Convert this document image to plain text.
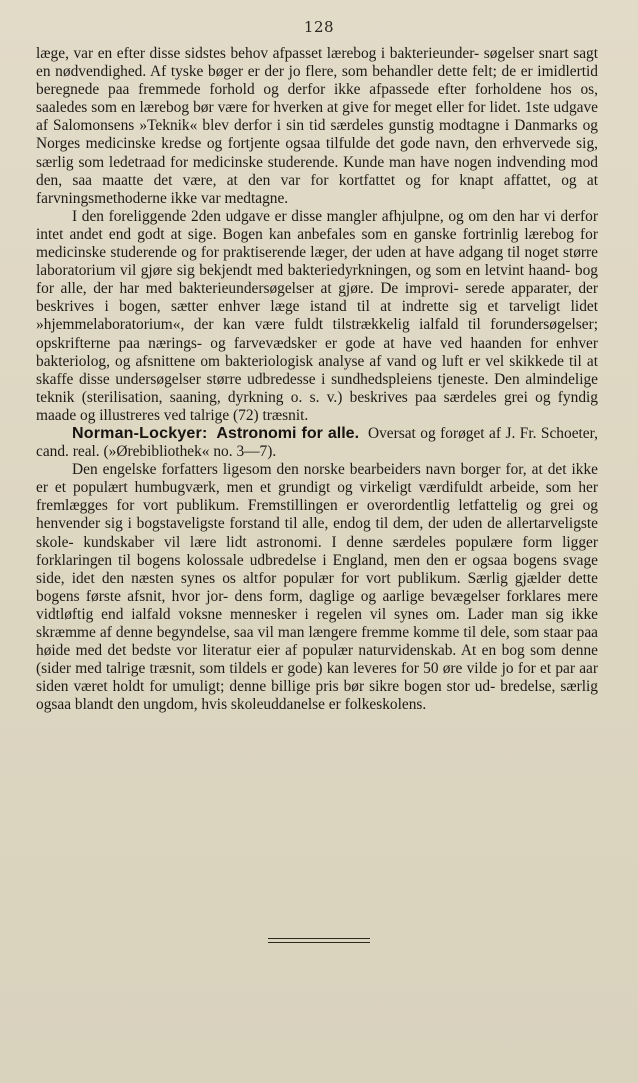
128

læge, var en efter disse sidstes behov afpasset lærebog i bakterieunder- søgelser snart sagt en nødvendighed. Af tyske bøger er der jo flere, som behandler dette felt; de er imidlertid beregnede paa fremmede forhold og derfor ikke afpassede efter forholdene hos os, saaledes som en lærebog bør være for hverken at give for meget eller for lidet. 1ste udgave af Salomonsens »Teknik« blev derfor i sin tid særdeles gunstig modtagne i Danmarks og Norges medicinske kredse og fortjente ogsaa tilfulde det gode navn, den erhvervede sig, særlig som ledetraad for medicinske studerende. Kunde man have nogen indvending mod den, saa maatte det være, at den var for kortfattet og for knapt affattet, og at farvningsmethoderne ikke var medtagne.

I den foreliggende 2den udgave er disse mangler afhjulpne, og om den har vi derfor intet andet end godt at sige. Bogen kan anbefales som en ganske fortrinlig lærebog for medicinske studerende og for praktiserende læger, der uden at have adgang til noget større laboratorium vil gjøre sig bekjendt med bakteriedyrkningen, og som en letvint haand- bog for alle, der har med bakterieundersøgelser at gjøre. De improvi- serede apparater, der beskrives i bogen, sætter enhver læge istand til at indrette sig et tarveligt lidet »hjemmelaboratorium«, der kan være fuldt tilstrækkelig ialfald til forundersøgelser; opskrifterne paa nærings- og farvevædsker er gode at have ved haanden for enhver bakteriolog, og afsnittene om bakteriologisk analyse af vand og luft er vel skikkede til at skaffe disse undersøgelser større udbredesse i sundhedspleiens tjeneste. Den almindelige teknik (sterilisation, saaning, dyrkning o. s. v.) beskrives paa særdeles grei og fyndig maade og illustreres ved talrige (72) træsnit.

Norman-Lockyer: Astronomi for alle. Oversat og forøget af J. Fr. Schoeter, cand. real. (»Ørebibliothek« no. 3—7).

Den engelske forfatters ligesom den norske bearbeiders navn borger for, at det ikke er et populært humbugværk, men et grundigt og virkeligt værdifuldt arbeide, som her fremlægges for vort publikum. Fremstillingen er overordentlig letfattelig og grei og henvender sig i bogstaveligste forstand til alle, endog til dem, der uden de allertarveligste skole- kundskaber vil lære lidt astronomi. I denne særdeles populære form ligger forklaringen til bogens kolossale udbredelse i England, men den er ogsaa bogens svage side, idet den næsten synes os altfor populær for vort publikum. Særlig gjælder dette bogens første afsnit, hvor jor- dens form, daglige og aarlige bevægelser forklares mere vidtløftig end ialfald voksne mennesker i regelen vil synes om. Lader man sig ikke skræmme af denne begyndelse, saa vil man længere fremme komme til dele, som staar paa høide med det bedste vor literatur eier af populær naturvidenskab. At en bog som denne (sider med talrige træsnit, som tildels er gode) kan leveres for 50 øre vilde jo for et par aar siden været holdt for umuligt; denne billige pris bør sikre bogen stor ud- bredelse, særlig ogsaa blandt den ungdom, hvis skoleuddanelse er folkeskolens.
